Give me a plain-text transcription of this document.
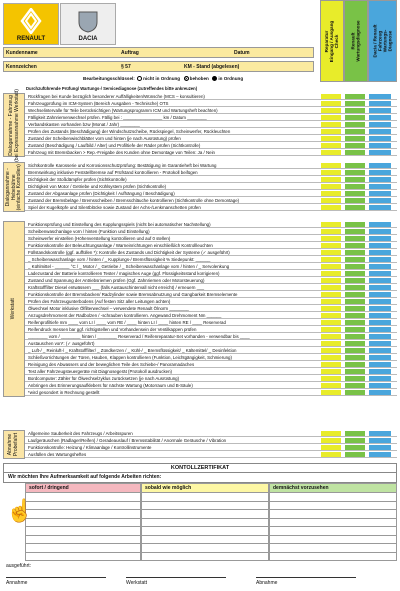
RENAULT	DACIA
Kundenname	Auftrag	Datum
Kennzeichen	§ 57	KM - Stand (abgelesen)
Bearbeitungsschlüssel: nicht in Ordnung ✕ behoben in Ordnung
Reparatur
Eingang / Ausgang
Check	Renault
Wartungsdiagnose	Dacia / Renault
Fahrzeug
Wartungs-
Diagnose
Durchzuführende Prüfung/ Wartungs-/ Servicediagnose (zutreffendes bitte ankreuzen)
Dialogannahme - Fahrzeug
(bei Expressannahme Werkstatt) Rückfragen bei Kunde bezüglich besonderer Auffälligkeiten/Wünsche (MCS – konsultieren)
Fahrzeugprüfung im ICM-System (Bereich Ausgaben - Technische) OTS
Wechselintervalle für Teile berücksichtigen (Wartungsprogramm ICM und Wartungsheft beachten)
Fälligkeit Zahnriemenwechsel prüfen. Fällig bei : ________________ km / Datum ________
Verbandskasten vorhanden bzw (Monat / Jahr) ________
Prüfen des Zustands (Beschädigung) der Windschutzscheibe, Rückspiegel, Scheinwerfer, Rückleuchten
Zustand der Scheibenwischblätter vorn und hinten (je nach Ausrüstung) prüfen
Zustand (Beschädigung / Laufbild / Alter) und Profiltiefe der Räder prüfen (Sichtkontrolle)
Fahrzeug mit Bremsbacken > Rep.-Freigabe des Kunden ohne Demontage von Teilen: Ja / Nein
Dialogannahme -
Hebebühne
(einfache Kontrollen) Sichtkontrolle Karosserie und Korrosionsschutzprüfung: Bestätigung im Garantieheft bei Wartung
Bremswirkung inklusive Feststellbremse auf Prüfstand kontrollieren - Protokoll beifügen
Dichtigkeit der Stoßdämpfer prüfen (Sichtkontrolle)
Dichtigkeit von Motor / Getriebe und Kühlsystem prüfen (Sichtkontrolle)
Zustand der Abgasanlage prüfen (Dichtigkeit / Aufhängung / Beschädigung)
Zustand der Bremsbeläge / Bremsscheiben / Bremsschläuche kontrollieren (Sichtkontrolle ohne Demontage)
Spiel der Kugelköpfe und Silentblöcke sowie Zustand der Achs-/Lenkmanschetten prüfen
Werkstatt
Funktionsprüfung und Einstellung des Kupplungsspiels (nicht bei automatischer Nachstellung)
Scheibenwaschanlage vorn / hinten (Funktion und Einstellung)
Scheinwerfer einstellen (Höhenverstellung kontrollieren und auf 0 stellen)
Funktionskontrolle der Beleuchtungsanlage / Warneinrichtungen einschließlich Kontrollleuchten
Füllstandskontrolle (ggf. auffüllen *): Kontrolle des Zustands und Dichtigkeit der Systeme (✓ ausgeführt)
_ Scheibenwaschanlage vorn / hinten / _ Kupplungs-/ Bremsflüssigkeit % Siedepunkt: ______
_ Kühlmittel - ______ °C / _ Motor / _ Getriebe / _ Scheibenwaschanlage vorn / hinten / _ Servolenkung
Ladezustand der Batterie kontrollieren Tester / magisches Auge (ggf. Flüssigkeitsstand korrigieren)
Zustand und Spannung der Antriebsriemen prüfen (Ggf. Zahnriemen oder Motorsteuerung)
Kraftstofffilter Diesel entwässern ___ (falls Austauschintervall nicht erreicht) / erneuern ___
Funktionskontrolle der Bremsbacken/ Radzylinder sowie Bremsabnutzung und Gangbarkeit Bremselemente
Prüfen des Fahrzeugunterbodens (Auf festen Sitz aller Leitungen achten)
Ölwechsel Motor inklusive Ölfilterwechsel – verwendete Renault Ölnorm ________
Anzugsdrehmoment der Radbolzen / -schrauben kontrollieren. Angewand Drehmoment Nm ______
Reifenprofiltiefe mm ____ vorn LI / ____ vorn RE / ____ hinten LI / ____ hinten RE / ____ Reserverad
Reifendruck messen bar ggf. richtigstellen und Vorhandensein der Ventilkappen prüfen
________ vorn / ________ hinten / ________ Reserverad / Reifenreparatur-Set vorhanden - verwendbar bis ____
Austauschen von*: (✓ ausgeführt)
_ Luft-/ _ Reinluft-/ _ Kraftstofffilter/ _ Zündkerzen / _ Kühl-/ _ Bremsflüssigkeit/ _ Kältemittel/ _ Desinfektion
Schließvorrichtungen der Türen, Hauben, Klappen kontrollieren (Funktion, Leichtgängigkeit, Schmierung)
Reinigung des Abwassers und der beweglichen Teile des Schiebe-/ Panoramadaches
Test aller Fahrzeugsteuergeräte mit Diagnosegerät (Protokoll ausdrucken)
Bordcomputer: Zähler für Ölwechselzyklus zurücksetzen (je nach Ausrüstung)
Anbringen des Erinnerungsaufklebers für nächste Wartung (Motorraum und B-Säule)
*wird gesondert in Rechnung gestellt
Abnahme
Probefahrt Allgemeine Sauberkeit des Fahrzeugs / Arbeitsspuren
Laufgeräuschen (Radlager/Reifen) / Geradeauslauf / Bremsstabilität / Anormale Geräusche / Vibration
Funktionskontrolle: Heizung / Klimaanlage / Kontrollinstrumente
Ausfüllen des Wartungsheftes
KONTOLLZERTIFIKAT
Wir möchten Ihre Aufmerksamkeit auf folgende Arbeiten richten:
sofort / dringend	sobald wie möglich	demnächst vorzusehen
☝
ausgeführt:
Annahme	Werkstatt	Abnahme
